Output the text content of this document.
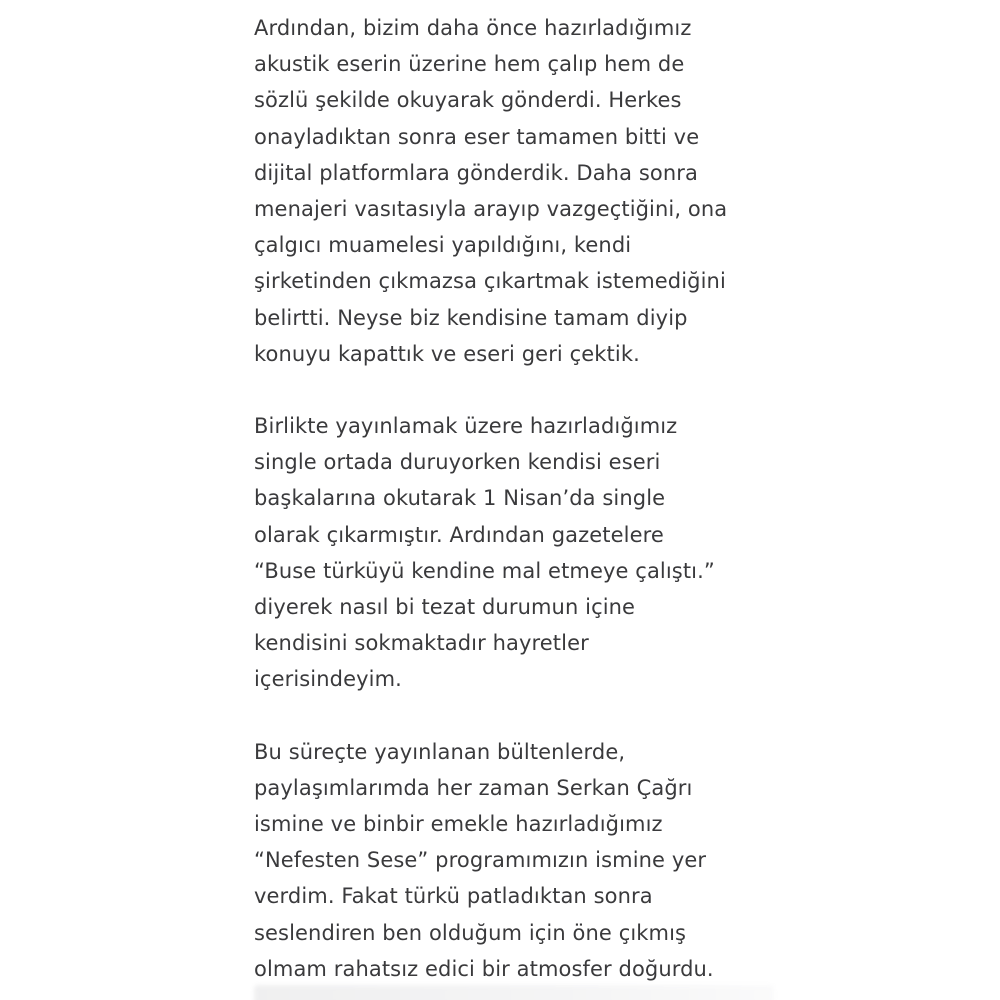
Ardından, bizim daha önce hazırladığımız
akustik eserin üzerine hem çalıp hem de
sözlü şekilde okuyarak gönderdi. Herkes
onayladıktan sonra eser tamamen bitti ve
dijital platformlara gönderdik. Daha sonra
menajeri vasıtasıyla arayıp vazgeçtiğini, ona
çalgıcı muamelesi yapıldığını, kendi
şirketinden çıkmazsa çıkartmak istemediğini
belirtti. Neyse biz kendisine tamam diyip
konuyu kapattık ve eseri geri çektik.

Birlikte yayınlamak üzere hazırladığımız
single ortada duruyorken kendisi eseri
başkalarına okutarak 1 Nisan’da single
olarak çıkarmıştır. Ardından gazetelere
“Buse türküyü kendine mal etmeye çalıştı.”
diyerek nasıl bi tezat durumun içine
kendisini sokmaktadır hayretler
içerisindeyim.

Bu süreçte yayınlanan bültenlerde,
paylaşımlarımda her zaman Serkan Çağrı
ismine ve binbir emekle hazırladığımız
“Nefesten Sese” programımızın ismine yer
verdim. Fakat türkü patladıktan sonra
seslendiren ben olduğum için öne çıkmış
olmam rahatsız edici bir atmosfer doğurdu.
